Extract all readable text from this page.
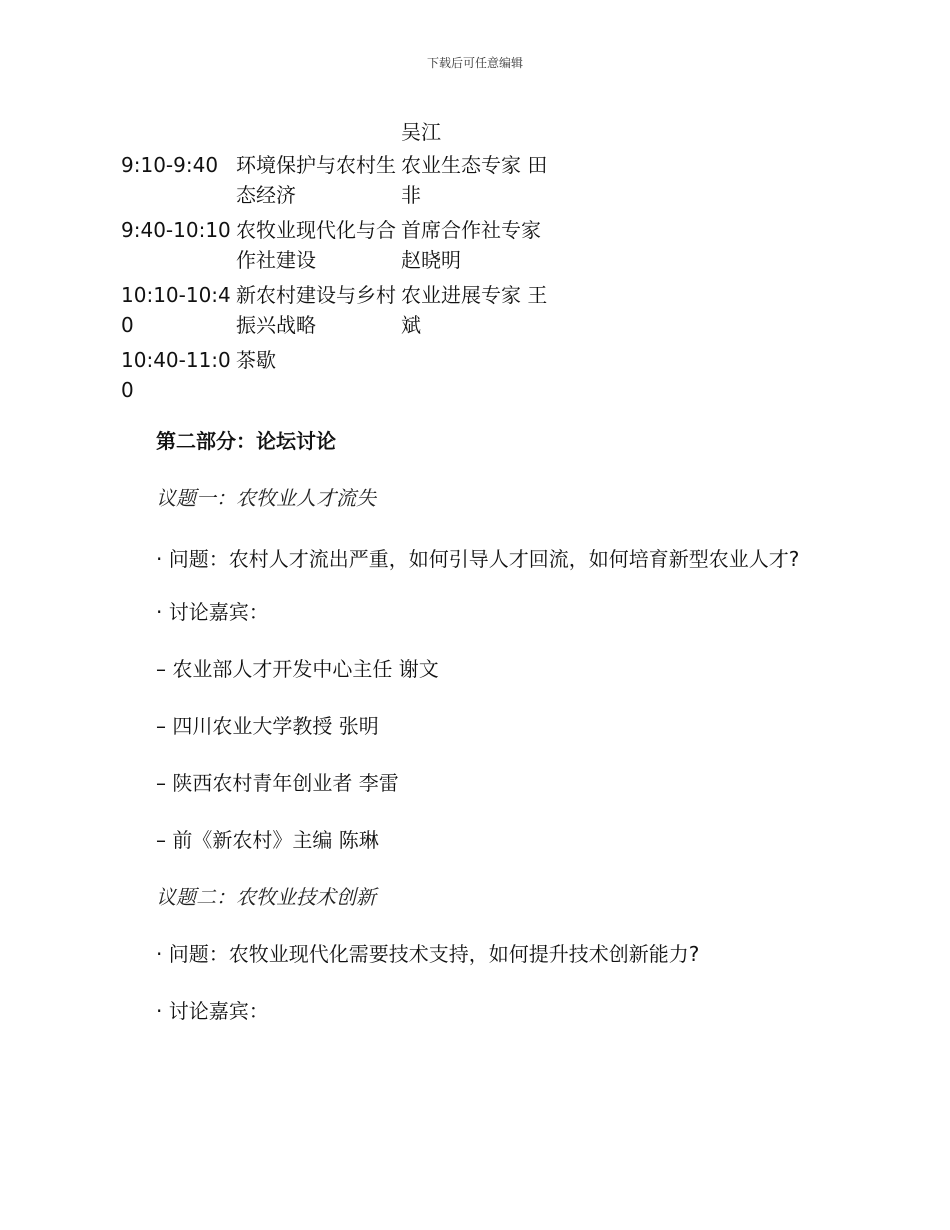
下载后可任意编辑
吴江
9:10-9:40 环境保护与农村生态经济
农业生态专家 田非
9:40-10:10 农牧业现代化与合作社建设
首席合作社专家 赵晓明
10:10-10:40
新农村建设与乡村振兴战略
农业进展专家 王斌
10:40-11:00
茶歇

第二部分：论坛讨论

议题一：农牧业人才流失

· 问题：农村人才流出严重，如何引导人才回流，如何培育新型农业人才?

· 讨论嘉宾：

– 农业部人才开发中心主任 谢文

– 四川农业大学教授 张明

– 陕西农村青年创业者 李雷

– 前《新农村》主编 陈琳

议题二：农牧业技术创新

· 问题：农牧业现代化需要技术支持，如何提升技术创新能力?

· 讨论嘉宾：
